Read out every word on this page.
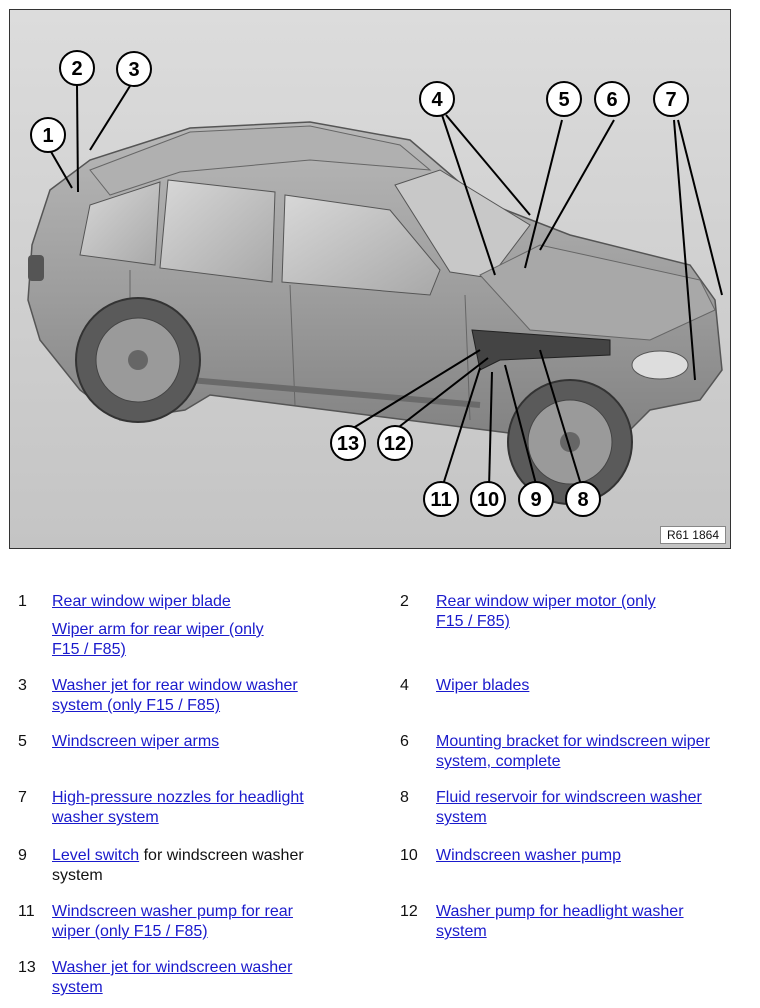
1
2 3
4	5 6 7
8
9
10
11
12
13
R61 1864
1	Rear window wiper blade
Wiper arm for rear wiper (only
F15 / F85)
2	Rear window wiper motor (only
F15 / F85)
3	Washer jet for rear window washer
system (only F15 / F85)
4	Wiper blades
5	Windscreen wiper arms	6	Mounting bracket for windscreen wiper
system, complete
7	High-pressure nozzles for headlight
washer system
8	Fluid reservoir for windscreen washer
system
9	Level switch for windscreen washer
system
10	Windscreen washer pump
11	Windscreen washer pump for rear
wiper (only F15 / F85)
12	Washer pump for headlight washer
system
13	Washer jet for windscreen washer
system
